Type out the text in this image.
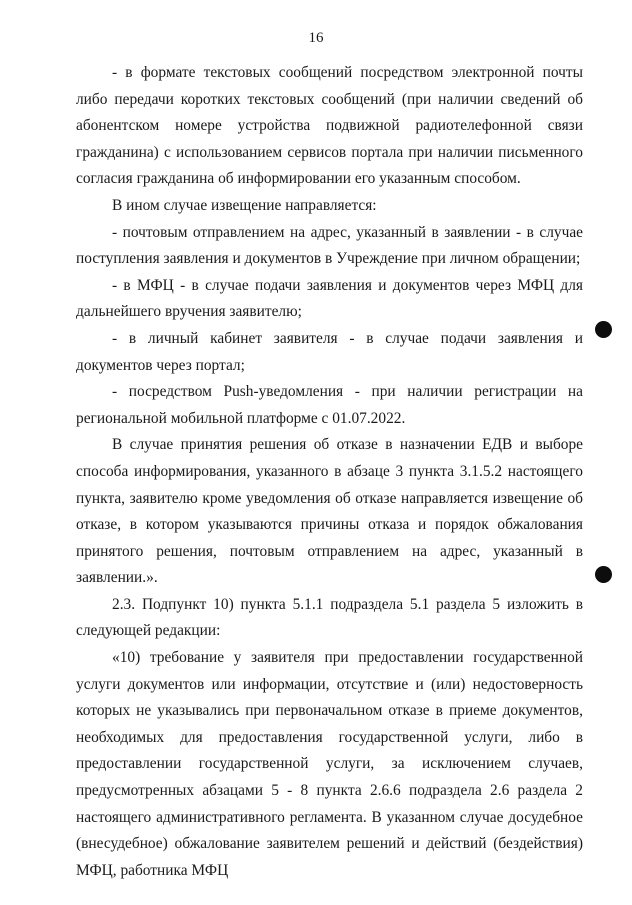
16

- в формате текстовых сообщений посредством электронной почты либо передачи коротких текстовых сообщений (при наличии сведений об абонентском номере устройства подвижной радиотелефонной связи гражданина) с использованием сервисов портала при наличии письменного согласия гражданина об информировании его указанным способом.

В ином случае извещение направляется:

- почтовым отправлением на адрес, указанный в заявлении - в случае поступления заявления и документов в Учреждение при личном обращении;

- в МФЦ - в случае подачи заявления и документов через МФЦ для дальнейшего вручения заявителю;

- в личный кабинет заявителя - в случае подачи заявления и документов через портал;

- посредством Push-уведомления - при наличии регистрации на региональной мобильной платформе с 01.07.2022.

В случае принятия решения об отказе в назначении ЕДВ и выборе способа информирования, указанного в абзаце 3 пункта 3.1.5.2 настоящего пункта, заявителю кроме уведомления об отказе направляется извещение об отказе, в котором указываются причины отказа и порядок обжалования принятого решения, почтовым отправлением на адрес, указанный в заявлении.».

2.3. Подпункт 10) пункта 5.1.1 подраздела 5.1 раздела 5 изложить в следующей редакции:

«10) требование у заявителя при предоставлении государственной услуги документов или информации, отсутствие и (или) недостоверность которых не указывались при первоначальном отказе в приеме документов, необходимых для предоставления государственной услуги, либо в предоставлении государственной услуги, за исключением случаев, предусмотренных абзацами 5 - 8 пункта 2.6.6 подраздела 2.6 раздела 2 настоящего административного регламента. В указанном случае досудебное (внесудебное) обжалование заявителем решений и действий (бездействия) МФЦ, работника МФЦ
